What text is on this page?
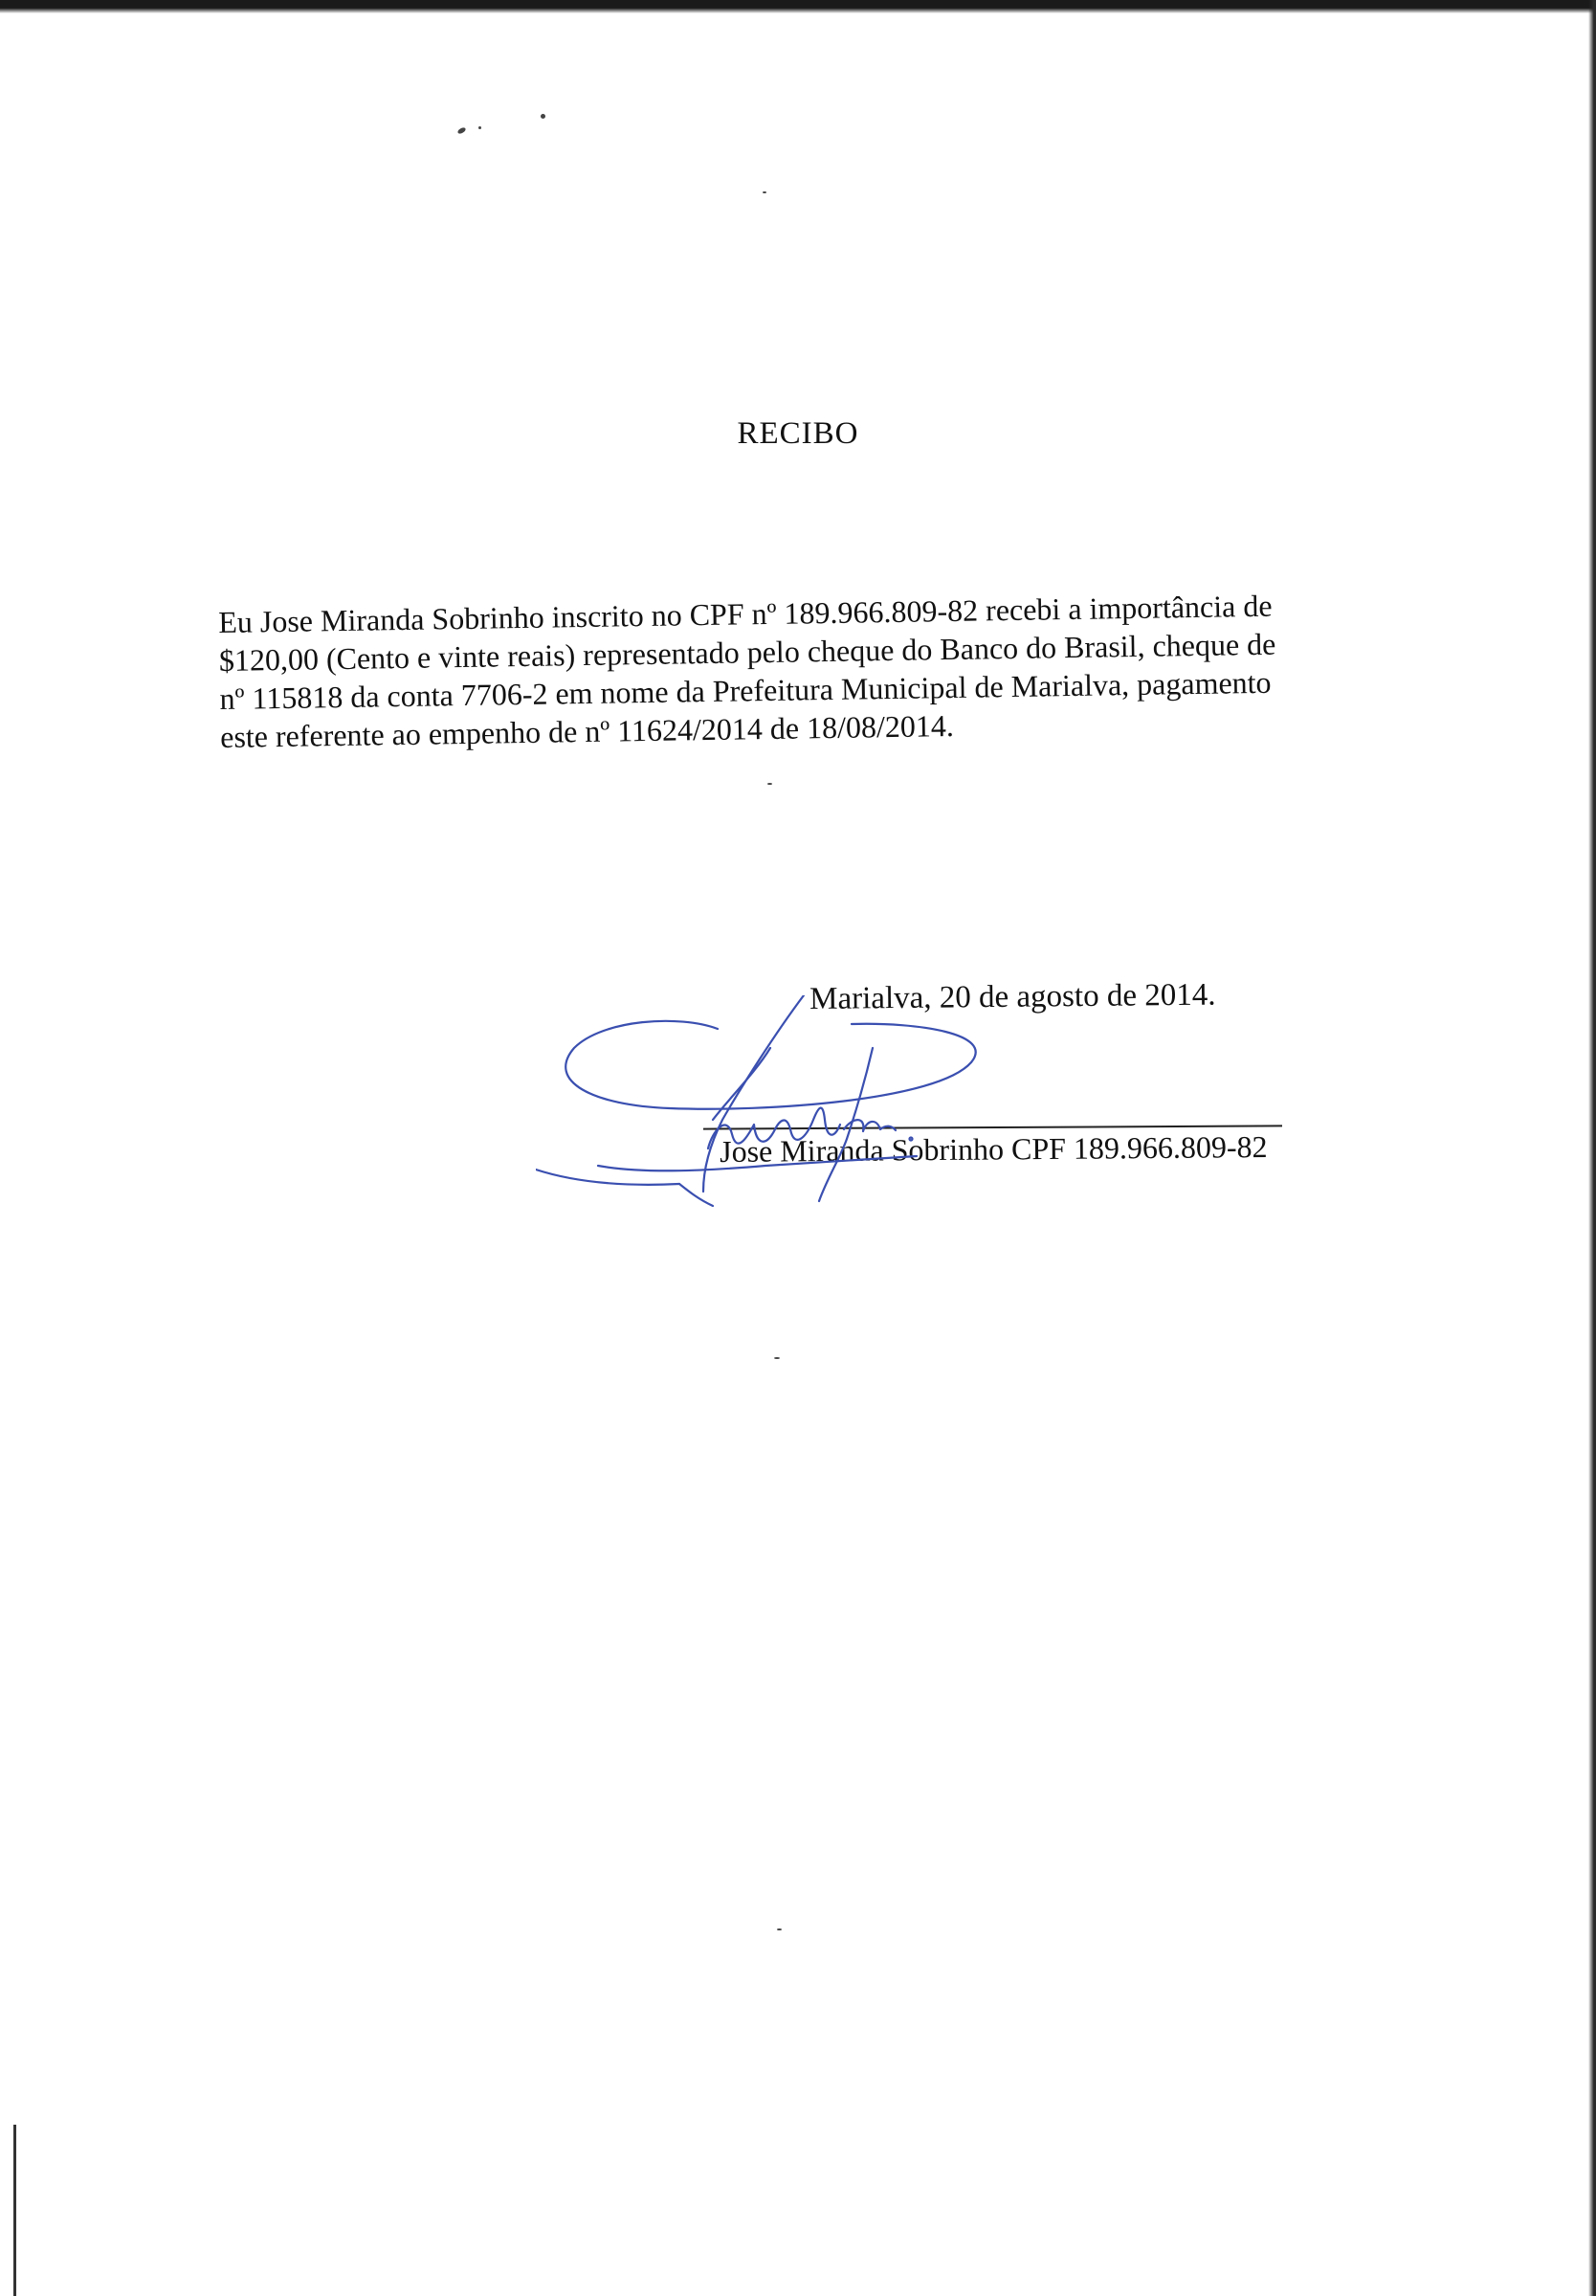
RECIBO

Eu Jose Miranda Sobrinho inscrito no CPF nº 189.966.809-82 recebi a importância de

$120,00 (Cento e vinte reais) representado pelo cheque do Banco do Brasil, cheque de

nº 115818 da conta 7706-2 em nome da Prefeitura Municipal de Marialva, pagamento

este referente ao empenho de nº 11624/2014 de 18/08/2014.

Marialva, 20 de agosto de 2014.
Jose Miranda Sobrinho CPF 189.966.809-82
